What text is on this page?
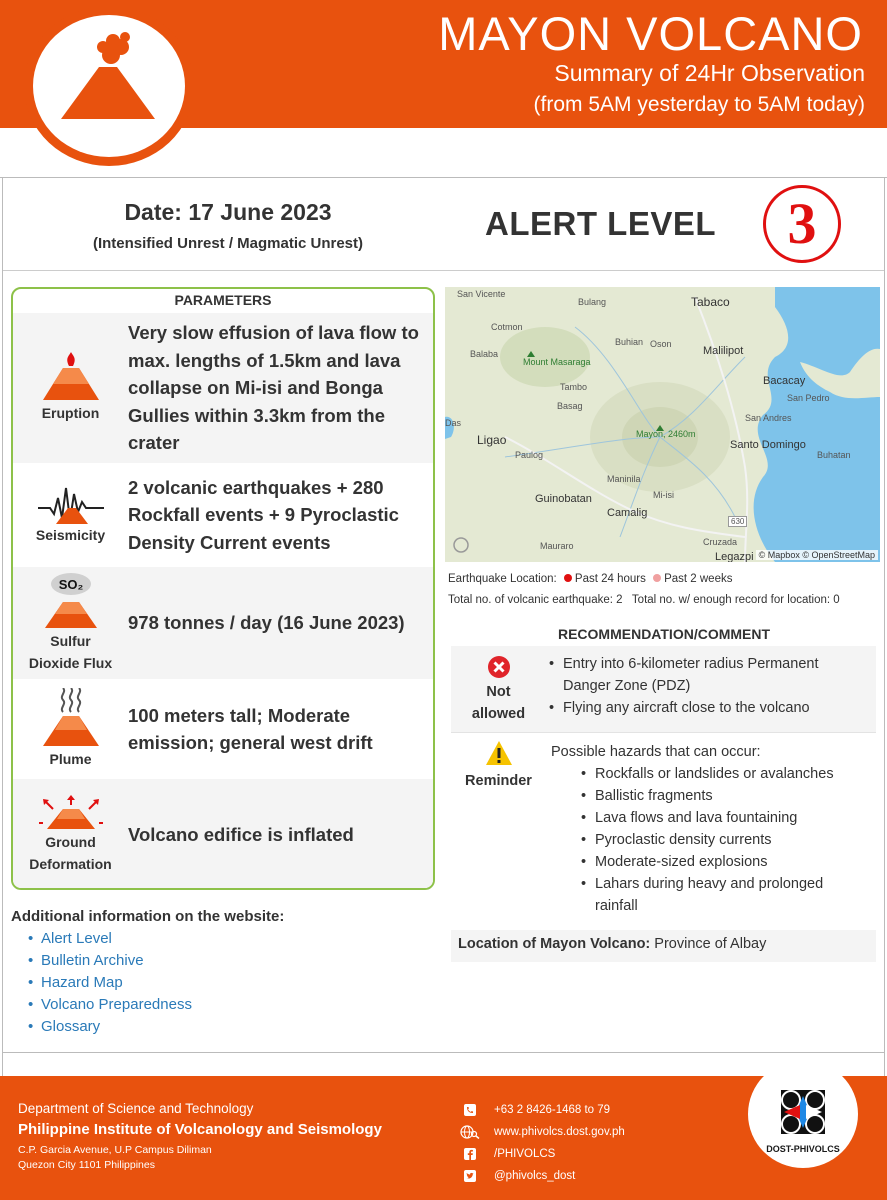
MAYON VOLCANO
Summary of 24Hr Observation
(from 5AM yesterday to 5AM today)
Date: 17 June 2023
(Intensified Unrest / Magmatic Unrest)
ALERT LEVEL	3
PARAMETERS
Eruption
Very slow effusion of lava flow to max. lengths of 1.5km and lava collapse on Mi-isi and Bonga Gullies within 3.3km from the crater
Seismicity
2 volcanic earthquakes + 280 Rockfall events + 9 Pyroclastic Density Current events
SO₂
Sulfur
Dioxide Flux
978 tonnes / day (16 June 2023)
Plume
100 meters tall; Moderate emission; general west drift
Ground
Deformation
Volcano edifice is inflated
Additional information on the website:
• Alert Level
• Bulletin Archive
• Hazard Map
• Volcano Preparedness
• Glossary
San Vicente
Bulang	Tabaco
Cotmon
Buhian Oson
Malilipot
Balaba
Mount Masaraga
Tambo	Bacacay
Basag
San Pedro
San Andres
Das
Mayon, 2460m
Ligao	Santo Domingo
Paulog	Buhatan
Maninila
Guinobatan	Mi-isi
Camalig
630
Mauraro	Cruzada
Legazpi © Mapbox © OpenStreetMap
Earthquake Location: Past 24 hours Past 2 weeks
Total no. of volcanic earthquake: 2 Total no. w/ enough record for location: 0
RECOMMENDATION/COMMENT
Not
allowed
• Entry into 6-kilometer radius Permanent Danger Zone (PDZ)
• Flying any aircraft close to the volcano
Reminder
Possible hazards that can occur:
• Rockfalls or landslides or avalanches
• Ballistic fragments
• Lava flows and lava fountaining
• Pyroclastic density currents
• Moderate-sized explosions
• Lahars during heavy and prolonged rainfall
Location of Mayon Volcano: Province of Albay
Department of Science and Technology
Philippine Institute of Volcanology and Seismology
C.P. Garcia Avenue, U.P Campus Diliman
Quezon City 1101 Philippines
+63 2 8426-1468 to 79
www.phivolcs.dost.gov.ph
/PHIVOLCS
@phivolcs_dost
DOST-PHIVOLCS
